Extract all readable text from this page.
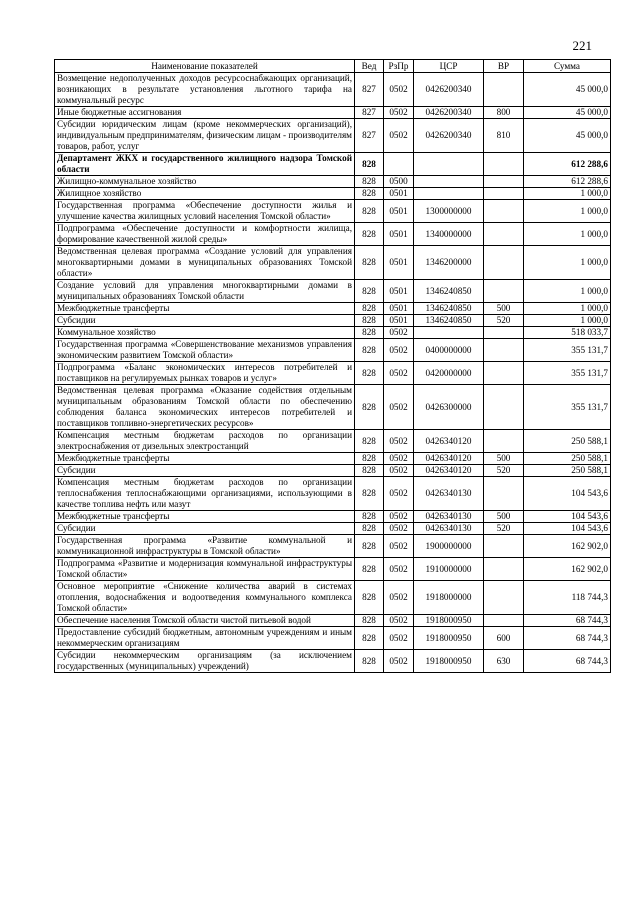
221
Наименование показателей	Вед	РзПр	ЦСР	ВР	Сумма
Возмещение недополученных доходов ресурсоснабжающих организаций, возникающих в результате установления льготного тарифа на коммунальный ресурс	827	0502	0426200340		45 000,0
Иные бюджетные ассигнования	827	0502	0426200340	800	45 000,0
Субсидии юридическим лицам (кроме некоммерческих организаций), индивидуальным предпринимателям, физическим лицам - производителям товаров, работ, услуг	827	0502	0426200340	810	45 000,0
Департамент ЖКХ и государственного жилищного надзора Томской области	828				612 288,6
Жилищно-коммунальное хозяйство	828	0500			612 288,6
Жилищное хозяйство	828	0501			1 000,0
Государственная программа «Обеспечение доступности жилья и улучшение качества жилищных условий населения Томской области»	828	0501	1300000000		1 000,0
Подпрограмма «Обеспечение доступности и комфортности жилища, формирование качественной жилой среды»	828	0501	1340000000		1 000,0
Ведомственная целевая программа «Создание условий для управления многоквартирными домами в муниципальных образованиях Томской области»	828	0501	1346200000		1 000,0
Создание условий для управления многоквартирными домами в муниципальных образованиях Томской области	828	0501	1346240850		1 000,0
Межбюджетные трансферты	828	0501	1346240850	500	1 000,0
Субсидии	828	0501	1346240850	520	1 000,0
Коммунальное хозяйство	828	0502			518 033,7
Государственная программа «Совершенствование механизмов управления экономическим развитием Томской области»	828	0502	0400000000		355 131,7
Подпрограмма «Баланс экономических интересов потребителей и поставщиков на регулируемых рынках товаров и услуг»	828	0502	0420000000		355 131,7
Ведомственная целевая программа «Оказание содействия отдельным муниципальным образованиям Томской области по обеспечению соблюдения баланса экономических интересов потребителей и поставщиков топливно-энергетических ресурсов»	828	0502	0426300000		355 131,7
Компенсация местным бюджетам расходов по организации электроснабжения от дизельных электростанций	828	0502	0426340120		250 588,1
Межбюджетные трансферты	828	0502	0426340120	500	250 588,1
Субсидии	828	0502	0426340120	520	250 588,1
Компенсация местным бюджетам расходов по организации теплоснабжения теплоснабжающими организациями, использующими в качестве топлива нефть или мазут	828	0502	0426340130		104 543,6
Межбюджетные трансферты	828	0502	0426340130	500	104 543,6
Субсидии	828	0502	0426340130	520	104 543,6
Государственная программа «Развитие коммунальной и коммуникационной инфраструктуры в Томской области»	828	0502	1900000000		162 902,0
Подпрограмма «Развитие и модернизация коммунальной инфраструктуры Томской области»	828	0502	1910000000		162 902,0
Основное мероприятие «Снижение количества аварий в системах отопления, водоснабжения и водоотведения коммунального комплекса Томской области»	828	0502	1918000000		118 744,3
Обеспечение населения Томской области чистой питьевой водой	828	0502	1918000950		68 744,3
Предоставление субсидий бюджетным, автономным учреждениям и иным некоммерческим организациям	828	0502	1918000950	600	68 744,3
Субсидии некоммерческим организациям (за исключением государственных (муниципальных) учреждений)	828	0502	1918000950	630	68 744,3
